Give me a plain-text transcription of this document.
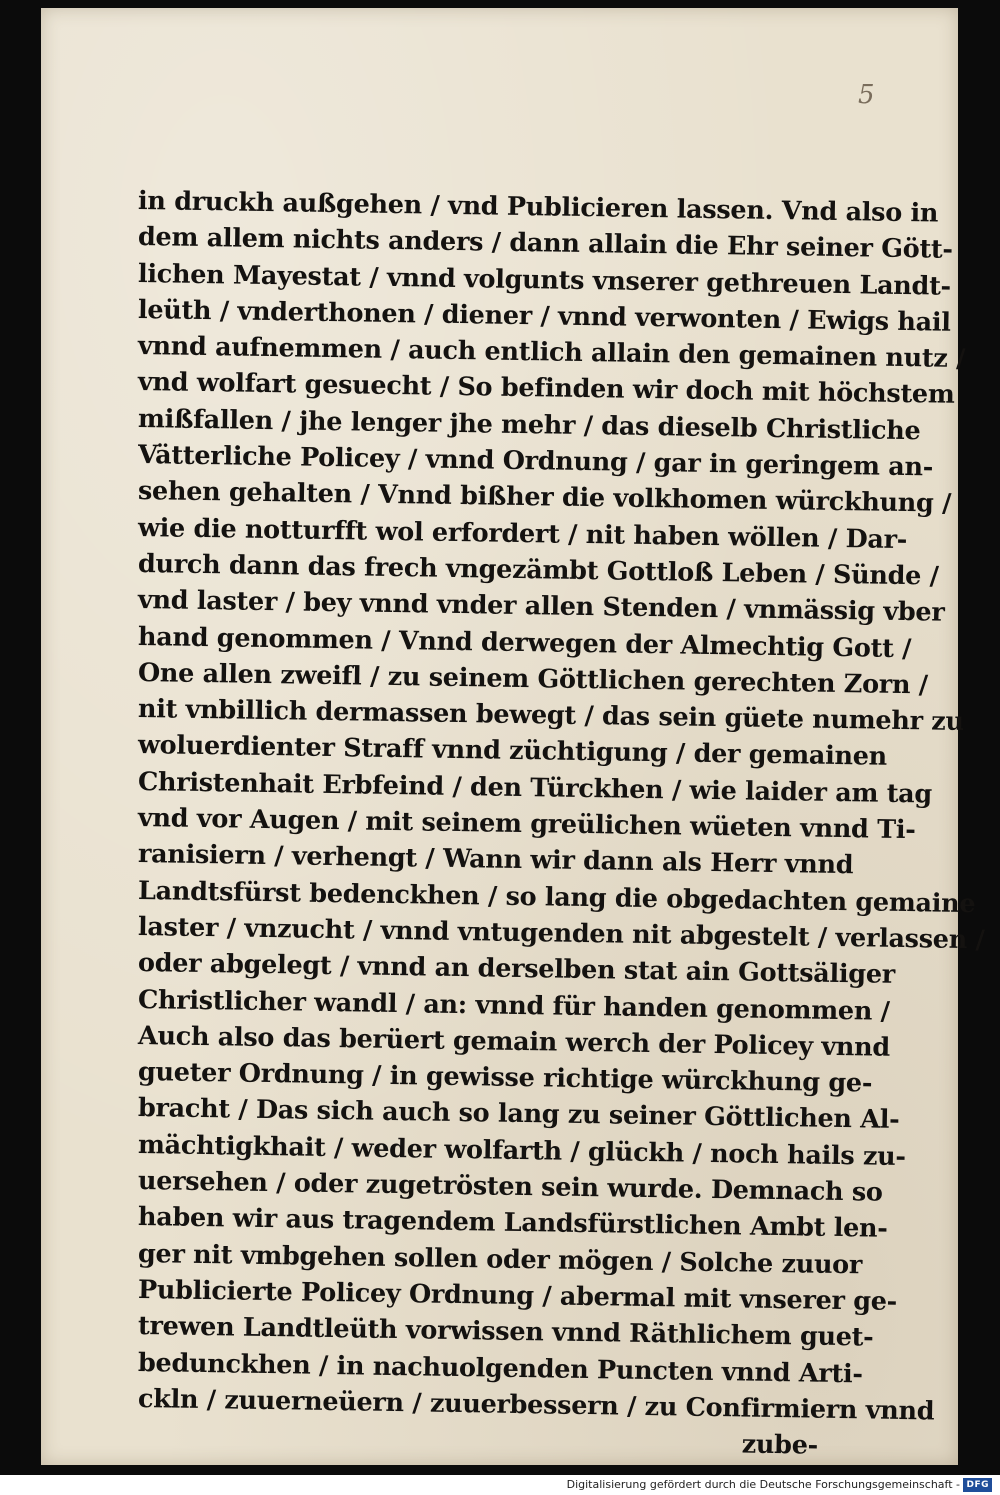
5
in druckh außgehen / vnd Publicieren lassen. Vnd also in
dem allem nichts anders / dann allain die Ehr seiner Gött-
lichen Mayestat / vnnd volgunts vnserer gethreuen Landt-
leüth / vnderthonen / diener / vnnd verwonten / Ewigs hail
vnnd aufnemmen / auch entlich allain den gemainen nutz /
vnd wolfart gesuecht / So befinden wir doch mit höchstem
mißfallen / jhe lenger jhe mehr / das dieselb Christliche
Vätterliche Policey / vnnd Ordnung / gar in geringem an-
sehen gehalten / Vnnd bißher die volkhomen würckhung /
wie die notturfft wol erfordert / nit haben wöllen / Dar-
durch dann das frech vngezämbt Gottloß Leben / Sünde /
vnd laster / bey vnnd vnder allen Stenden / vnmässig vber
hand genommen / Vnnd derwegen der Almechtig Gott /
One allen zweifl / zu seinem Göttlichen gerechten Zorn /
nit vnbillich dermassen bewegt / das sein güete numehr zu
woluerdienter Straff vnnd züchtigung / der gemainen
Christenhait Erbfeind / den Türckhen / wie laider am tag
vnd vor Augen / mit seinem greülichen wüeten vnnd Ti-
ranisiern / verhengt / Wann wir dann als Herr vnnd
Landtsfürst bedenckhen / so lang die obgedachten gemaine
laster / vnzucht / vnnd vntugenden nit abgestelt / verlassen /
oder abgelegt / vnnd an derselben stat ain Gottsäliger
Christlicher wandl / an: vnnd für handen genommen /
Auch also das berüert gemain werch der Policey vnnd
gueter Ordnung / in gewisse richtige würckhung ge-
bracht / Das sich auch so lang zu seiner Göttlichen Al-
mächtigkhait / weder wolfarth / glückh / noch hails zu-
uersehen / oder zugetrösten sein wurde. Demnach so
haben wir aus tragendem Landsfürstlichen Ambt len-
ger nit vmbgehen sollen oder mögen / Solche zuuor
Publicierte Policey Ordnung / abermal mit vnserer ge-
trewen Landtleüth vorwissen vnnd Räthlichem guet-
bedunckhen / in nachuolgenden Puncten vnnd Arti-
ckln / zuuerneüern / zuuerbessern / zu Confirmiern vnnd
zube-
Digitalisierung gefördert durch die Deutsche Forschungsgemeinschaft - DFG
